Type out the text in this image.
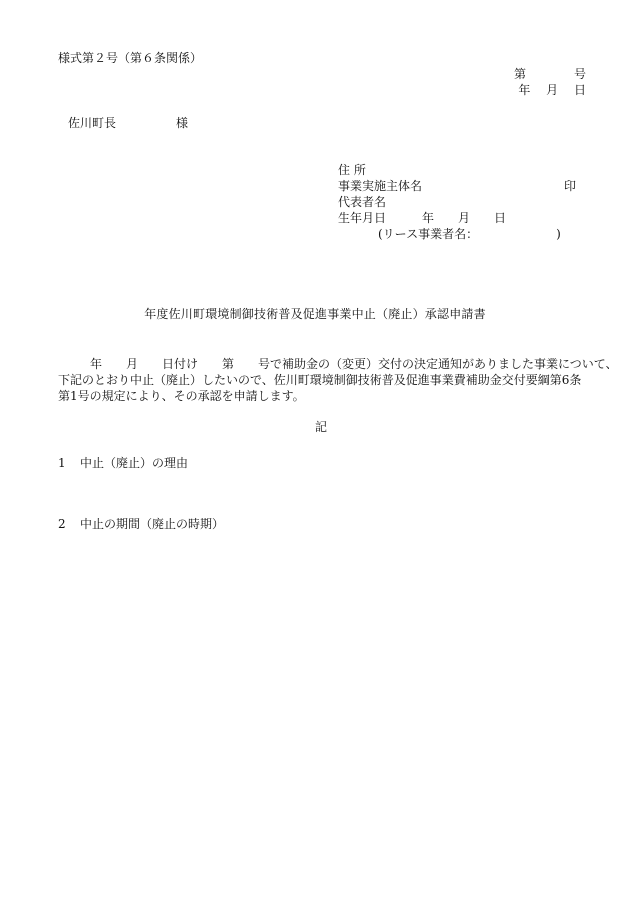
様式第２号（第６条関係）
第　　　　号
年　 月　 日
佐川町長　　　　　様
住 所
事業実施主体名	印
代表者名
生年月日　　　年　　月　　日
(リース事業者名：　　　　　　　)
年度佐川町環境制御技術普及促進事業中止（廃止）承認申請書
年　　月　　日付け　　第　　号で補助金の（変更）交付の決定通知がありました事業について、
下記のとおり中止（廃止）したいので、佐川町環境制御技術普及促進事業費補助金交付要綱第6条
第1号の規定により、その承認を申請します。
記
1 中止（廃止）の理由
2 中止の期間（廃止の時期）
